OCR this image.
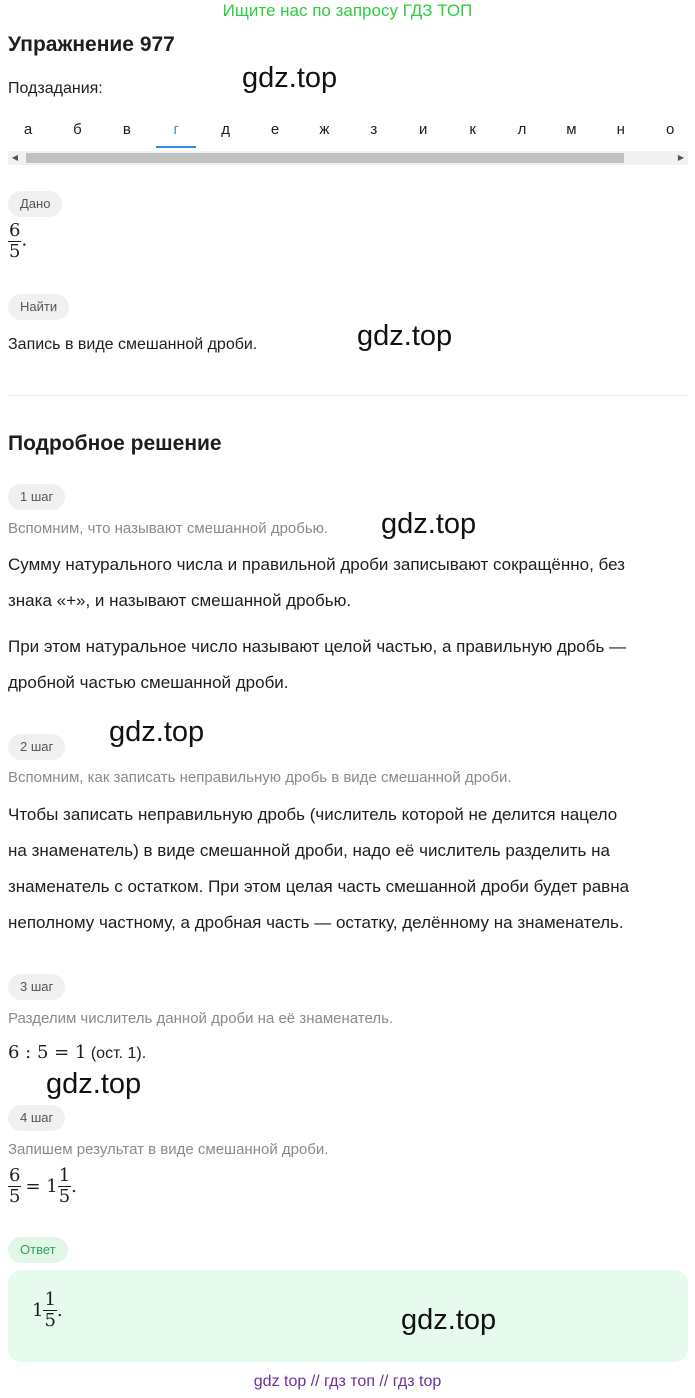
Ищите нас по запросу ГДЗ ТОП
Упражнение 977
Подзадания:	gdz.top
а	б	в	г	д	е	ж	з	и	к	л	м	н	о
◀	▶
Дано
$\frac{6}{5}$ .
Найти
Запись в виде смешанной дроби.	gdz.top
Подробное решение
1 шаг
Вспомним, что называют смешанной дробью. gdz.top
Сумму натурального числа и правильной дроби записывают сокращённо, без
знака «+», и называют смешанной дробью.
При этом натуральное число называют целой частью, а правильную дробь —
дробной частью смешанной дроби.
2 шаг	gdz.top
Вспомним, как записать неправильную дробь в виде смешанной дроби.
Чтобы записать неправильную дробь (числитель которой не делится нацело
на знаменатель) в виде смешанной дроби, надо её числитель разделить на
знаменатель с остатком. При этом целая часть смешанной дроби будет равна
неполному частному, а дробная часть — остатку, делённому на знаменатель.
3 шаг
Разделим числитель данной дроби на её знаменатель.
6 : 5 = 1 (ост. 1).
gdz.top
4 шаг
Запишем результат в виде смешанной дроби.
$\frac{6}{5} = 1 \frac{1}{5}$ .
Ответ
$1 \frac{1}{5}$ .	gdz.top
gdz top // гдз топ // гдз top
